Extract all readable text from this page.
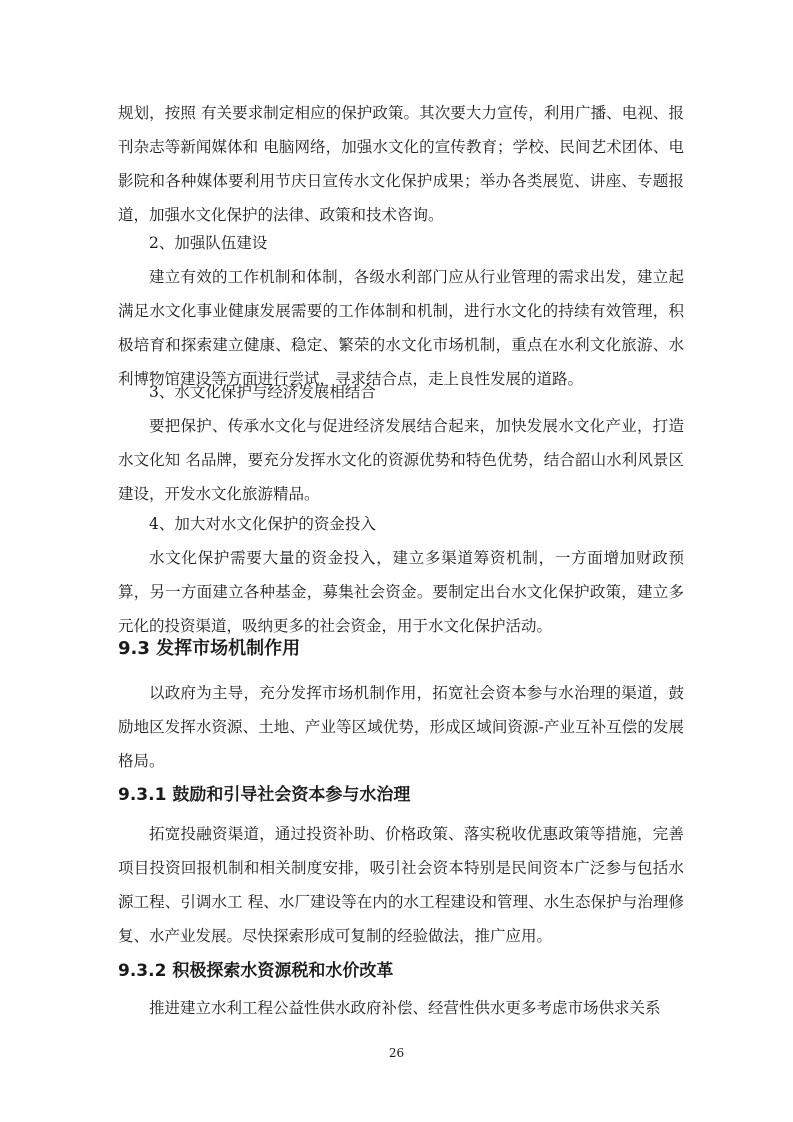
规划，按照 有关要求制定相应的保护政策。其次要大力宣传，利用广播、电视、报刊杂志等新闻媒体和 电脑网络，加强水文化的宣传教育；学校、民间艺术团体、电影院和各种媒体要利用节庆日宣传水文化保护成果；举办各类展览、讲座、专题报道，加强水文化保护的法律、政策和技术咨询。

2、加强队伍建设

建立有效的工作机制和体制，各级水利部门应从行业管理的需求出发，建立起满足水文化事业健康发展需要的工作体制和机制，进行水文化的持续有效管理，积极培育和探索建立健康、稳定、繁荣的水文化市场机制，重点在水利文化旅游、水利博物馆建设等方面进行尝试，寻求结合点，走上良性发展的道路。

3、水文化保护与经济发展相结合

要把保护、传承水文化与促进经济发展结合起来，加快发展水文化产业，打造水文化知 名品牌，要充分发挥水文化的资源优势和特色优势，结合韶山水利风景区建设，开发水文化旅游精品。

4、加大对水文化保护的资金投入

水文化保护需要大量的资金投入，建立多渠道筹资机制，一方面增加财政预算，另一方面建立各种基金，募集社会资金。要制定出台水文化保护政策，建立多元化的投资渠道，吸纳更多的社会资金，用于水文化保护活动。

9.3 发挥市场机制作用

以政府为主导，充分发挥市场机制作用，拓宽社会资本参与水治理的渠道，鼓励地区发挥水资源、土地、产业等区域优势，形成区域间资源-产业互补互偿的发展格局。

9.3.1 鼓励和引导社会资本参与水治理

拓宽投融资渠道，通过投资补助、价格政策、落实税收优惠政策等措施，完善项目投资回报机制和相关制度安排，吸引社会资本特别是民间资本广泛参与包括水源工程、引调水工 程、水厂建设等在内的水工程建设和管理、水生态保护与治理修复、水产业发展。尽快探索形成可复制的经验做法，推广应用。

9.3.2 积极探索水资源税和水价改革

推进建立水利工程公益性供水政府补偿、经营性供水更多考虑市场供求关系

26
